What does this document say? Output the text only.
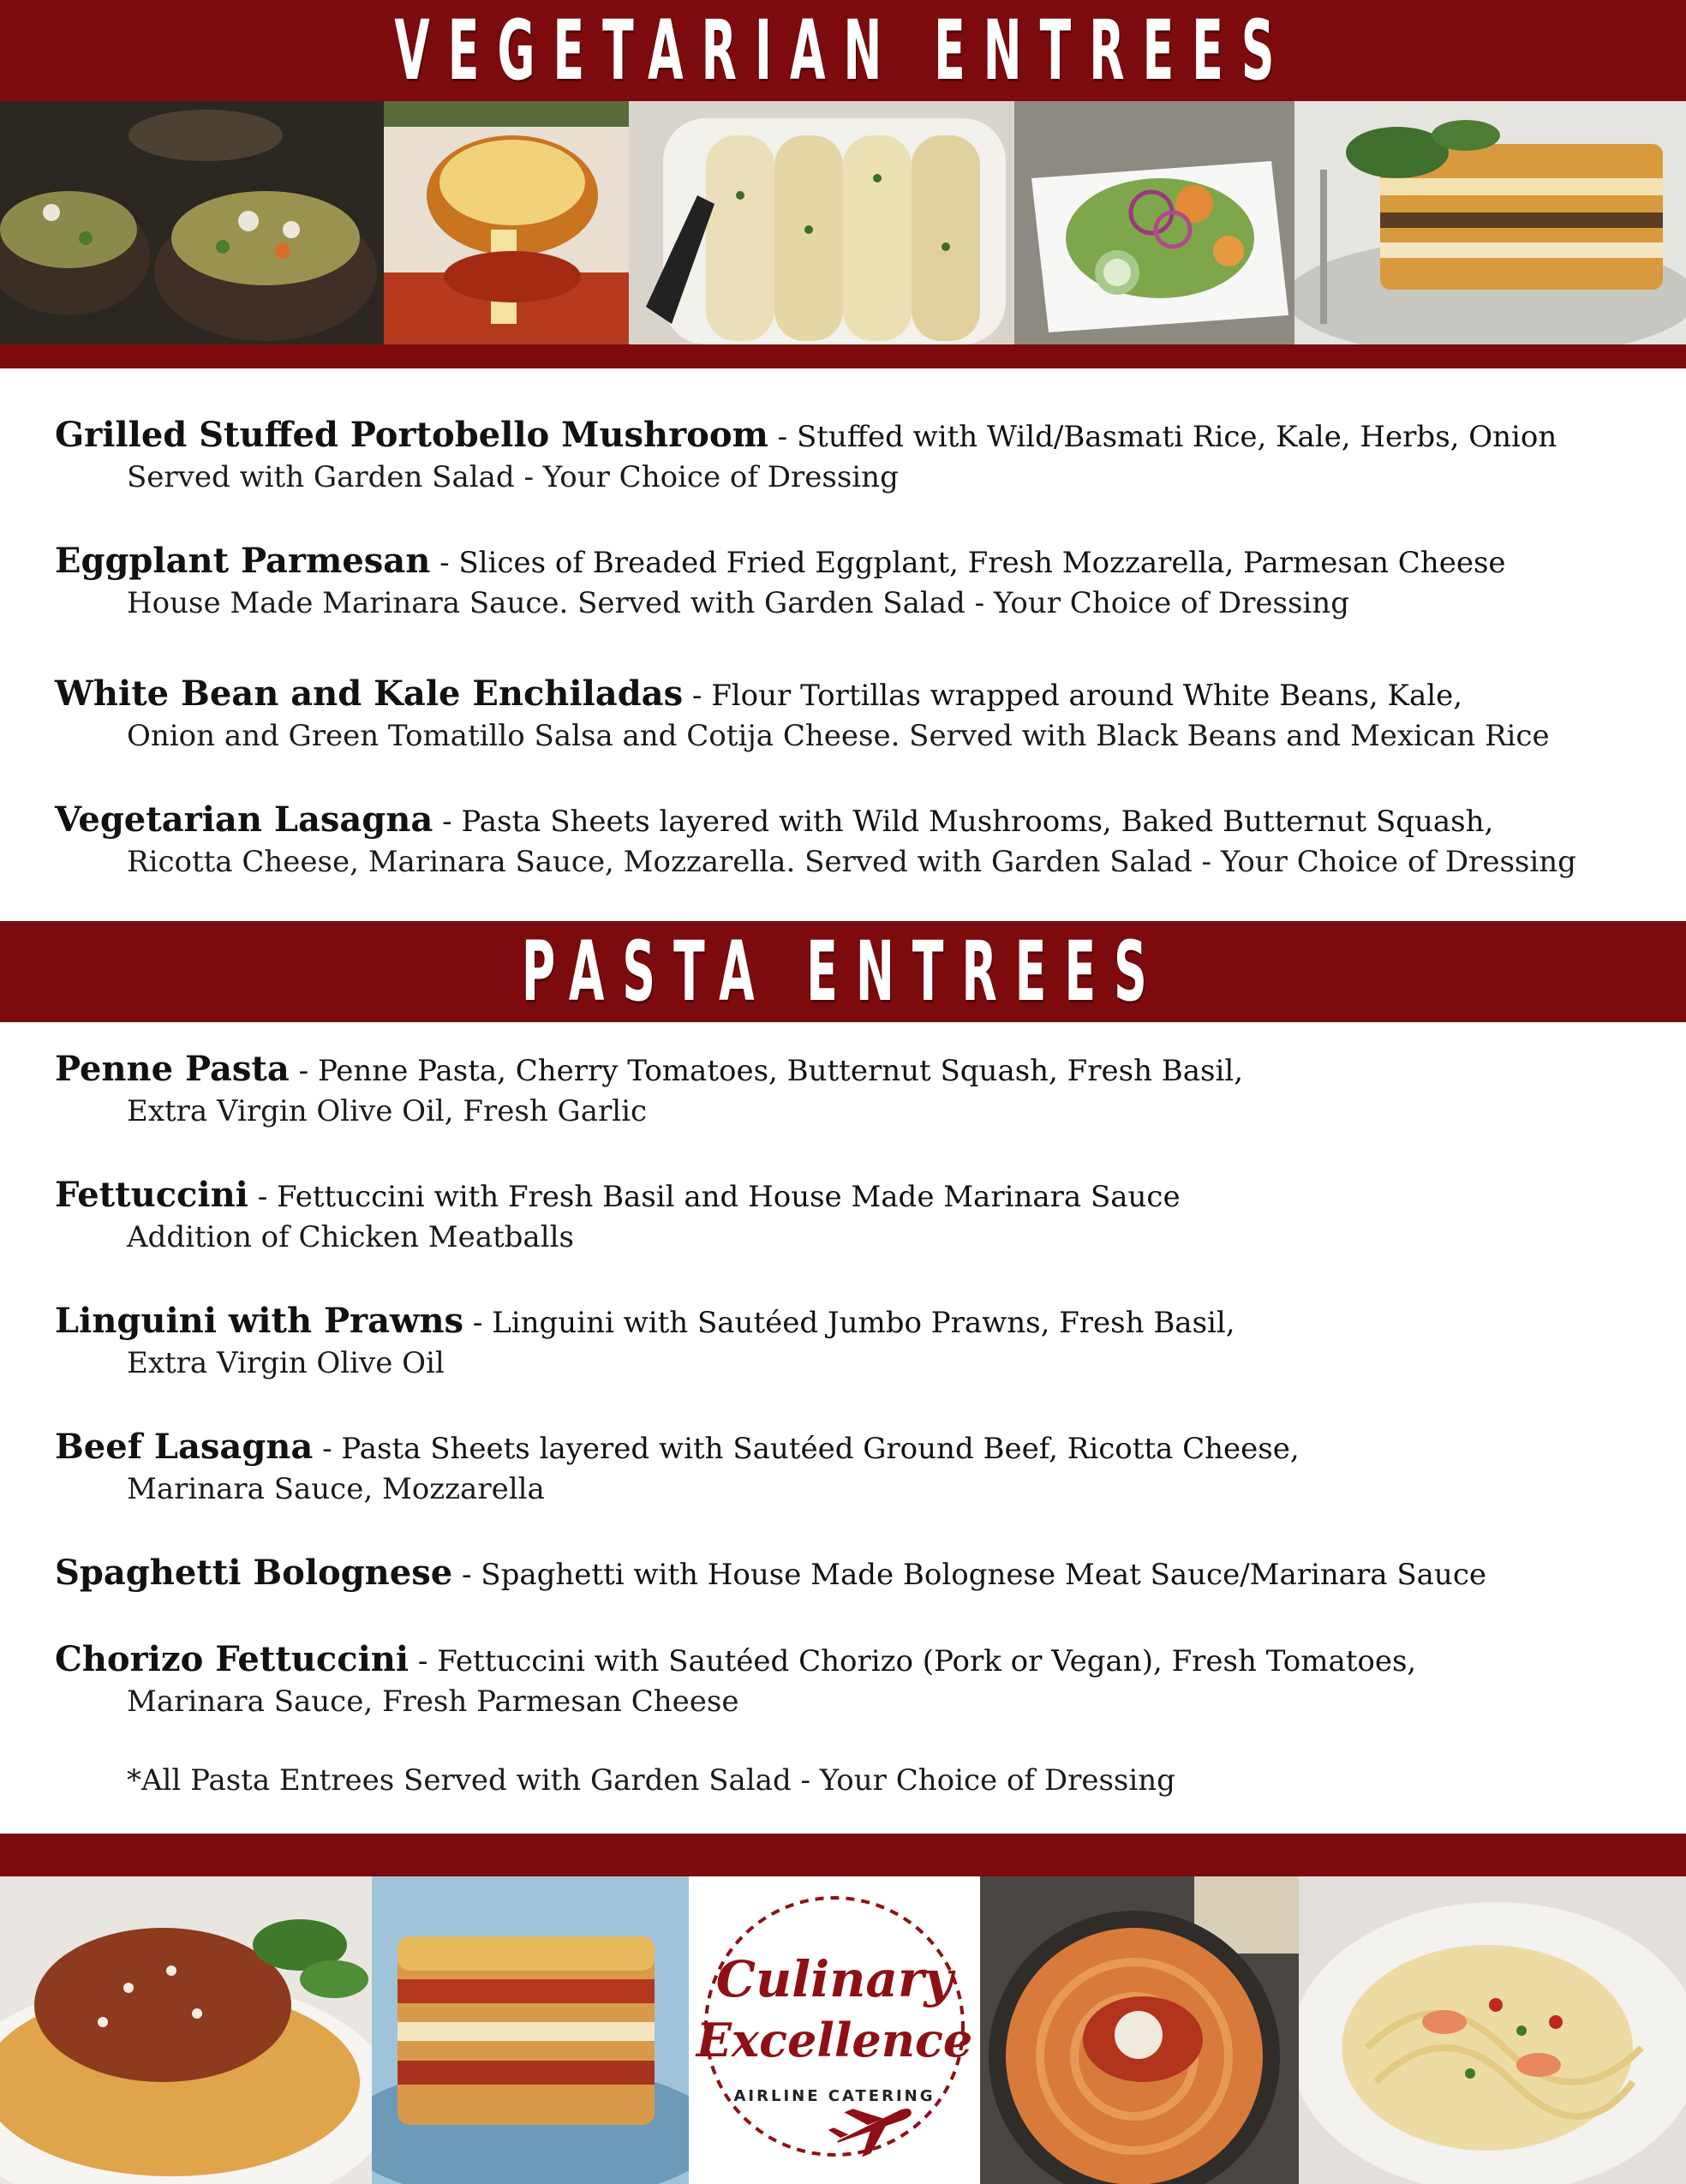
VEGETARIAN ENTREES
Grilled Stuffed Portobello Mushroom - Stuffed with Wild/Basmati Rice, Kale, Herbs, Onion
Served with Garden Salad - Your Choice of Dressing
Eggplant Parmesan - Slices of Breaded Fried Eggplant, Fresh Mozzarella, Parmesan Cheese
House Made Marinara Sauce. Served with Garden Salad - Your Choice of Dressing
White Bean and Kale Enchiladas - Flour Tortillas wrapped around White Beans, Kale,
Onion and Green Tomatillo Salsa and Cotija Cheese. Served with Black Beans and Mexican Rice
Vegetarian Lasagna - Pasta Sheets layered with Wild Mushrooms, Baked Butternut Squash,
Ricotta Cheese, Marinara Sauce, Mozzarella. Served with Garden Salad - Your Choice of Dressing
PASTA ENTREES
Penne Pasta - Penne Pasta, Cherry Tomatoes, Butternut Squash, Fresh Basil,
Extra Virgin Olive Oil, Fresh Garlic
Fettuccini - Fettuccini with Fresh Basil and House Made Marinara Sauce
Addition of Chicken Meatballs
Linguini with Prawns - Linguini with Sautéed Jumbo Prawns, Fresh Basil,
Extra Virgin Olive Oil
Beef Lasagna - Pasta Sheets layered with Sautéed Ground Beef, Ricotta Cheese,
Marinara Sauce, Mozzarella
Spaghetti Bolognese - Spaghetti with House Made Bolognese Meat Sauce/Marinara Sauce
Chorizo Fettuccini - Fettuccini with Sautéed Chorizo (Pork or Vegan), Fresh Tomatoes,
Marinara Sauce, Fresh Parmesan Cheese
*All Pasta Entrees Served with Garden Salad - Your Choice of Dressing
Culinary
Excellence
AIRLINE CATERING
